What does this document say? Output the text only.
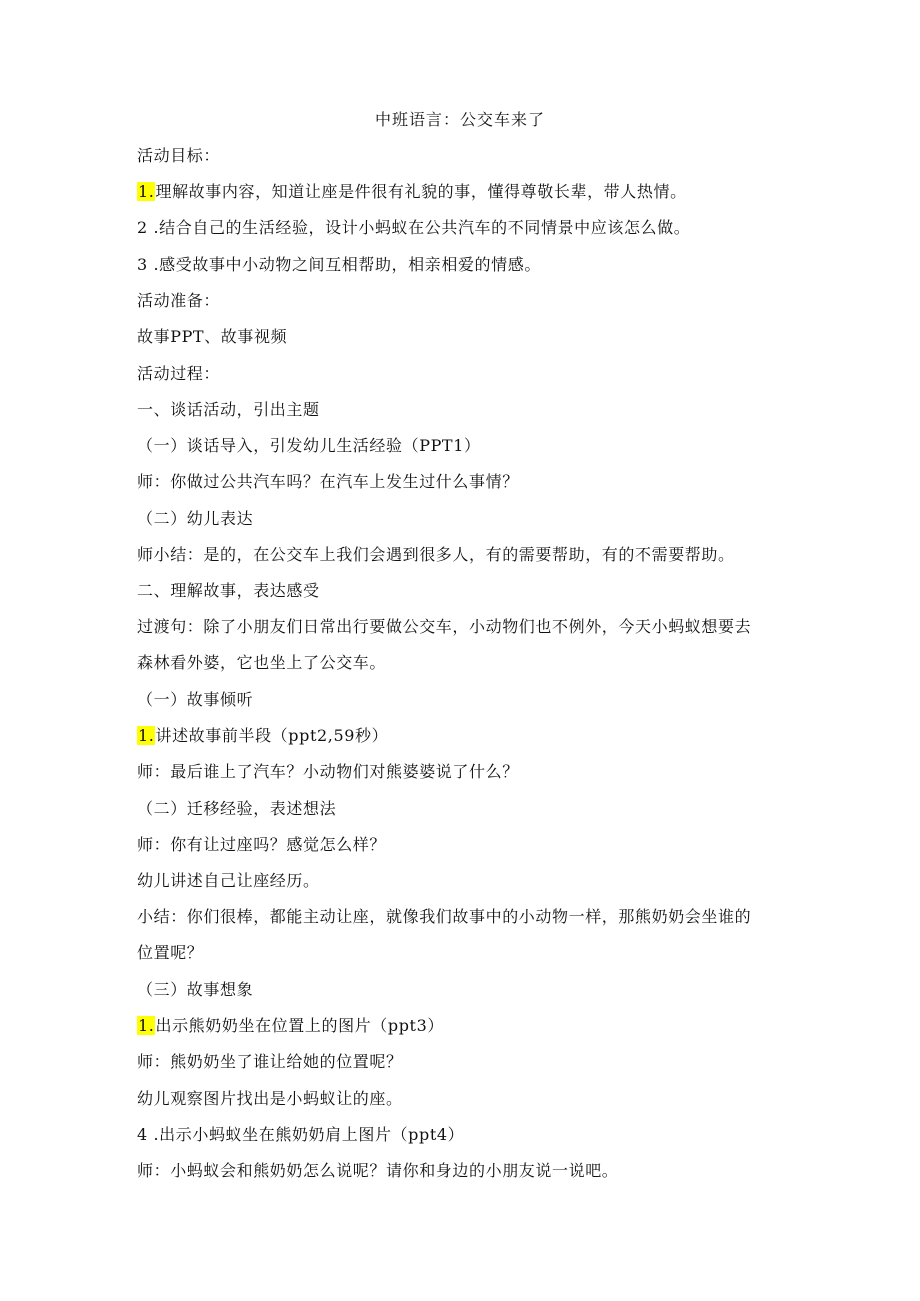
中班语言：公交车来了
活动目标：
1.理解故事内容，知道让座是件很有礼貌的事，懂得尊敬长辈，带人热情。
2 .结合自己的生活经验，设计小蚂蚁在公共汽车的不同情景中应该怎么做。
3 .感受故事中小动物之间互相帮助，相亲相爱的情感。
活动准备：
故事PPT、故事视频
活动过程：
一、谈话活动，引出主题
（一）谈话导入，引发幼儿生活经验（PPT1）
师：你做过公共汽车吗？在汽车上发生过什么事情？
（二）幼儿表达
师小结：是的，在公交车上我们会遇到很多人，有的需要帮助，有的不需要帮助。
二、理解故事，表达感受
过渡句：除了小朋友们日常出行要做公交车，小动物们也不例外，今天小蚂蚁想要去
森林看外婆，它也坐上了公交车。
（一）故事倾听
1.讲述故事前半段（ppt2,59秒）
师：最后谁上了汽车？小动物们对熊婆婆说了什么？
（二）迁移经验，表述想法
师：你有让过座吗？感觉怎么样？
幼儿讲述自己让座经历。
小结：你们很棒，都能主动让座，就像我们故事中的小动物一样，那熊奶奶会坐谁的
位置呢？
（三）故事想象
1.出示熊奶奶坐在位置上的图片（ppt3）
师：熊奶奶坐了谁让给她的位置呢？
幼儿观察图片找出是小蚂蚁让的座。
4 .出示小蚂蚁坐在熊奶奶肩上图片（ppt4）
师：小蚂蚁会和熊奶奶怎么说呢？请你和身边的小朋友说一说吧。
